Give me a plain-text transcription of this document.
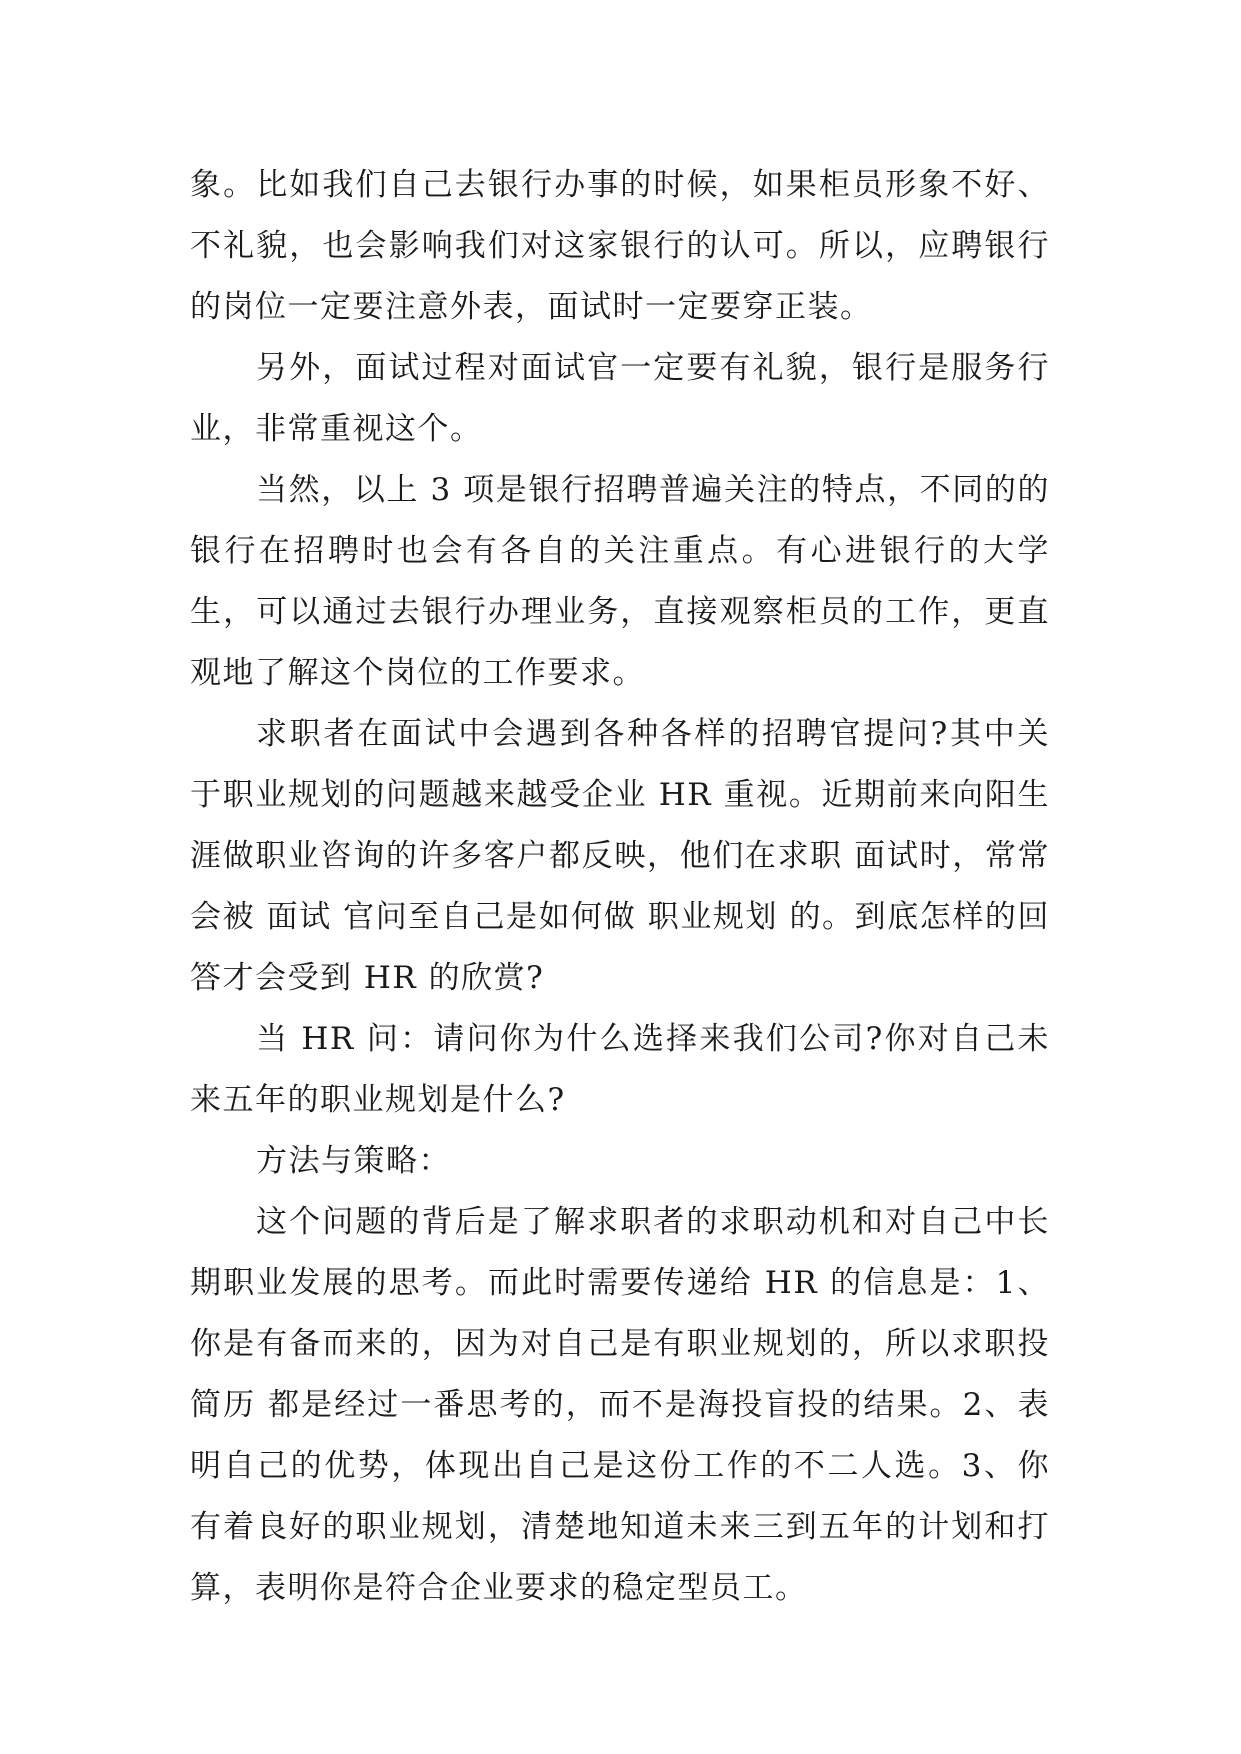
象。比如我们自己去银行办事的时候，如果柜员形象不好、不礼貌，也会影响我们对这家银行的认可。所以，应聘银行的岗位一定要注意外表，面试时一定要穿正装。

另外，面试过程对面试官一定要有礼貌，银行是服务行业，非常重视这个。

当然，以上 3 项是银行招聘普遍关注的特点，不同的的银行在招聘时也会有各自的关注重点。有心进银行的大学生，可以通过去银行办理业务，直接观察柜员的工作，更直观地了解这个岗位的工作要求。

求职者在面试中会遇到各种各样的招聘官提问?其中关于职业规划的问题越来越受企业 HR 重视。近期前来向阳生涯做职业咨询的许多客户都反映，他们在求职 面试时，常常会被 面试 官问至自己是如何做 职业规划 的。到底怎样的回答才会受到 HR 的欣赏?

当 HR 问：请问你为什么选择来我们公司?你对自己未来五年的职业规划是什么?

方法与策略：

这个问题的背后是了解求职者的求职动机和对自己中长期职业发展的思考。而此时需要传递给 HR 的信息是：1、你是有备而来的，因为对自己是有职业规划的，所以求职投简历 都是经过一番思考的，而不是海投盲投的结果。2、表明自己的优势，体现出自己是这份工作的不二人选。3、你有着良好的职业规划，清楚地知道未来三到五年的计划和打算，表明你是符合企业要求的稳定型员工。
